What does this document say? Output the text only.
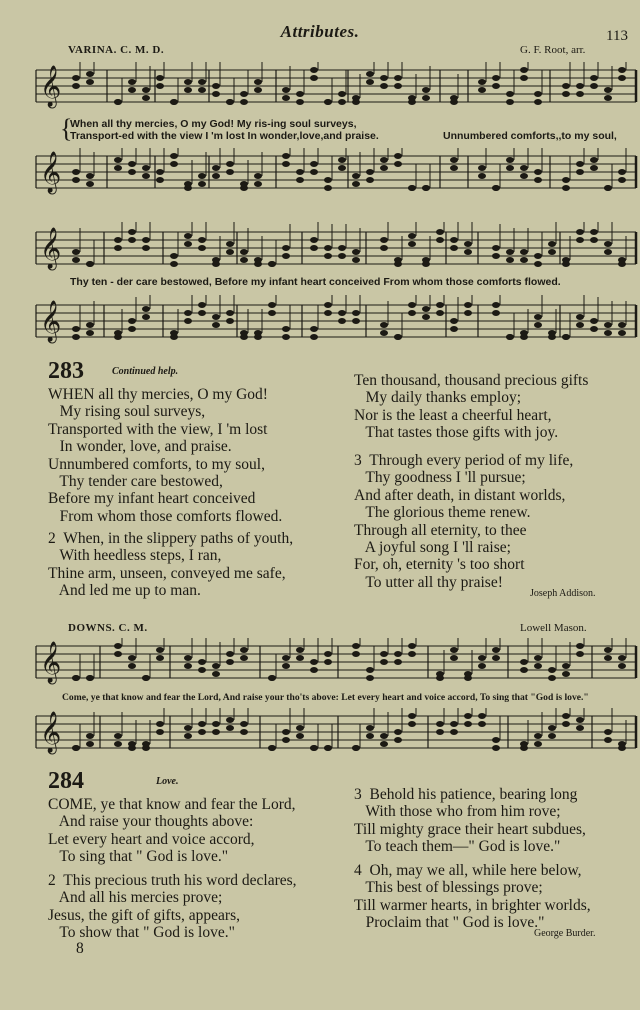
Attributes.	113
VARINA. C. M. D.	G. F. Root, arr.
𝄞
When all thy mercies, O my God! My ris-ing soul surveys,
Transport-ed with the view I 'm lost In wonder,love,and praise.	Unnumbered comforts,,to my soul,
{
𝄞
𝄞
Thy ten - der care bestowed, Before my infant heart conceived From whom those comforts flowed.
𝄞
283	Continued help.
WHEN all thy mercies, O my God!
My rising soul surveys,
Transported with the view, I 'm lost
In wonder, love, and praise.
Unnumbered comforts, to my soul,
Thy tender care bestowed,
Before my infant heart conceived
From whom those comforts flowed.
2  When, in the slippery paths of youth,
With heedless steps, I ran,
Thine arm, unseen, conveyed me safe,
And led me up to man.
Ten thousand, thousand precious gifts
My daily thanks employ;
Nor is the least a cheerful heart,
That tastes those gifts with joy.
3  Through every period of my life,
Thy goodness I 'll pursue;
And after death, in distant worlds,
The glorious theme renew.
Through all eternity, to thee
A joyful song I 'll raise;
For, oh, eternity 's too short
To utter all thy praise!
Joseph Addison.
DOWNS. C. M.	Lowell Mason.
𝄞
Come, ye that know and fear the Lord, And raise your tho'ts above: Let every heart and voice accord, To sing that "God is love."
𝄞
284	Love.
COME, ye that know and fear the Lord,
And raise your thoughts above:
Let every heart and voice accord,
To sing that " God is love."
2  This precious truth his word declares,
And all his mercies prove;
Jesus, the gift of gifts, appears,
To show that " God is love."
3  Behold his patience, bearing long
With those who from him rove;
Till mighty grace their heart subdues,
To teach them—" God is love."
4  Oh, may we all, while here below,
This best of blessings prove;
Till warmer hearts, in brighter worlds,
Proclaim that " God is love."
George Burder.
8
